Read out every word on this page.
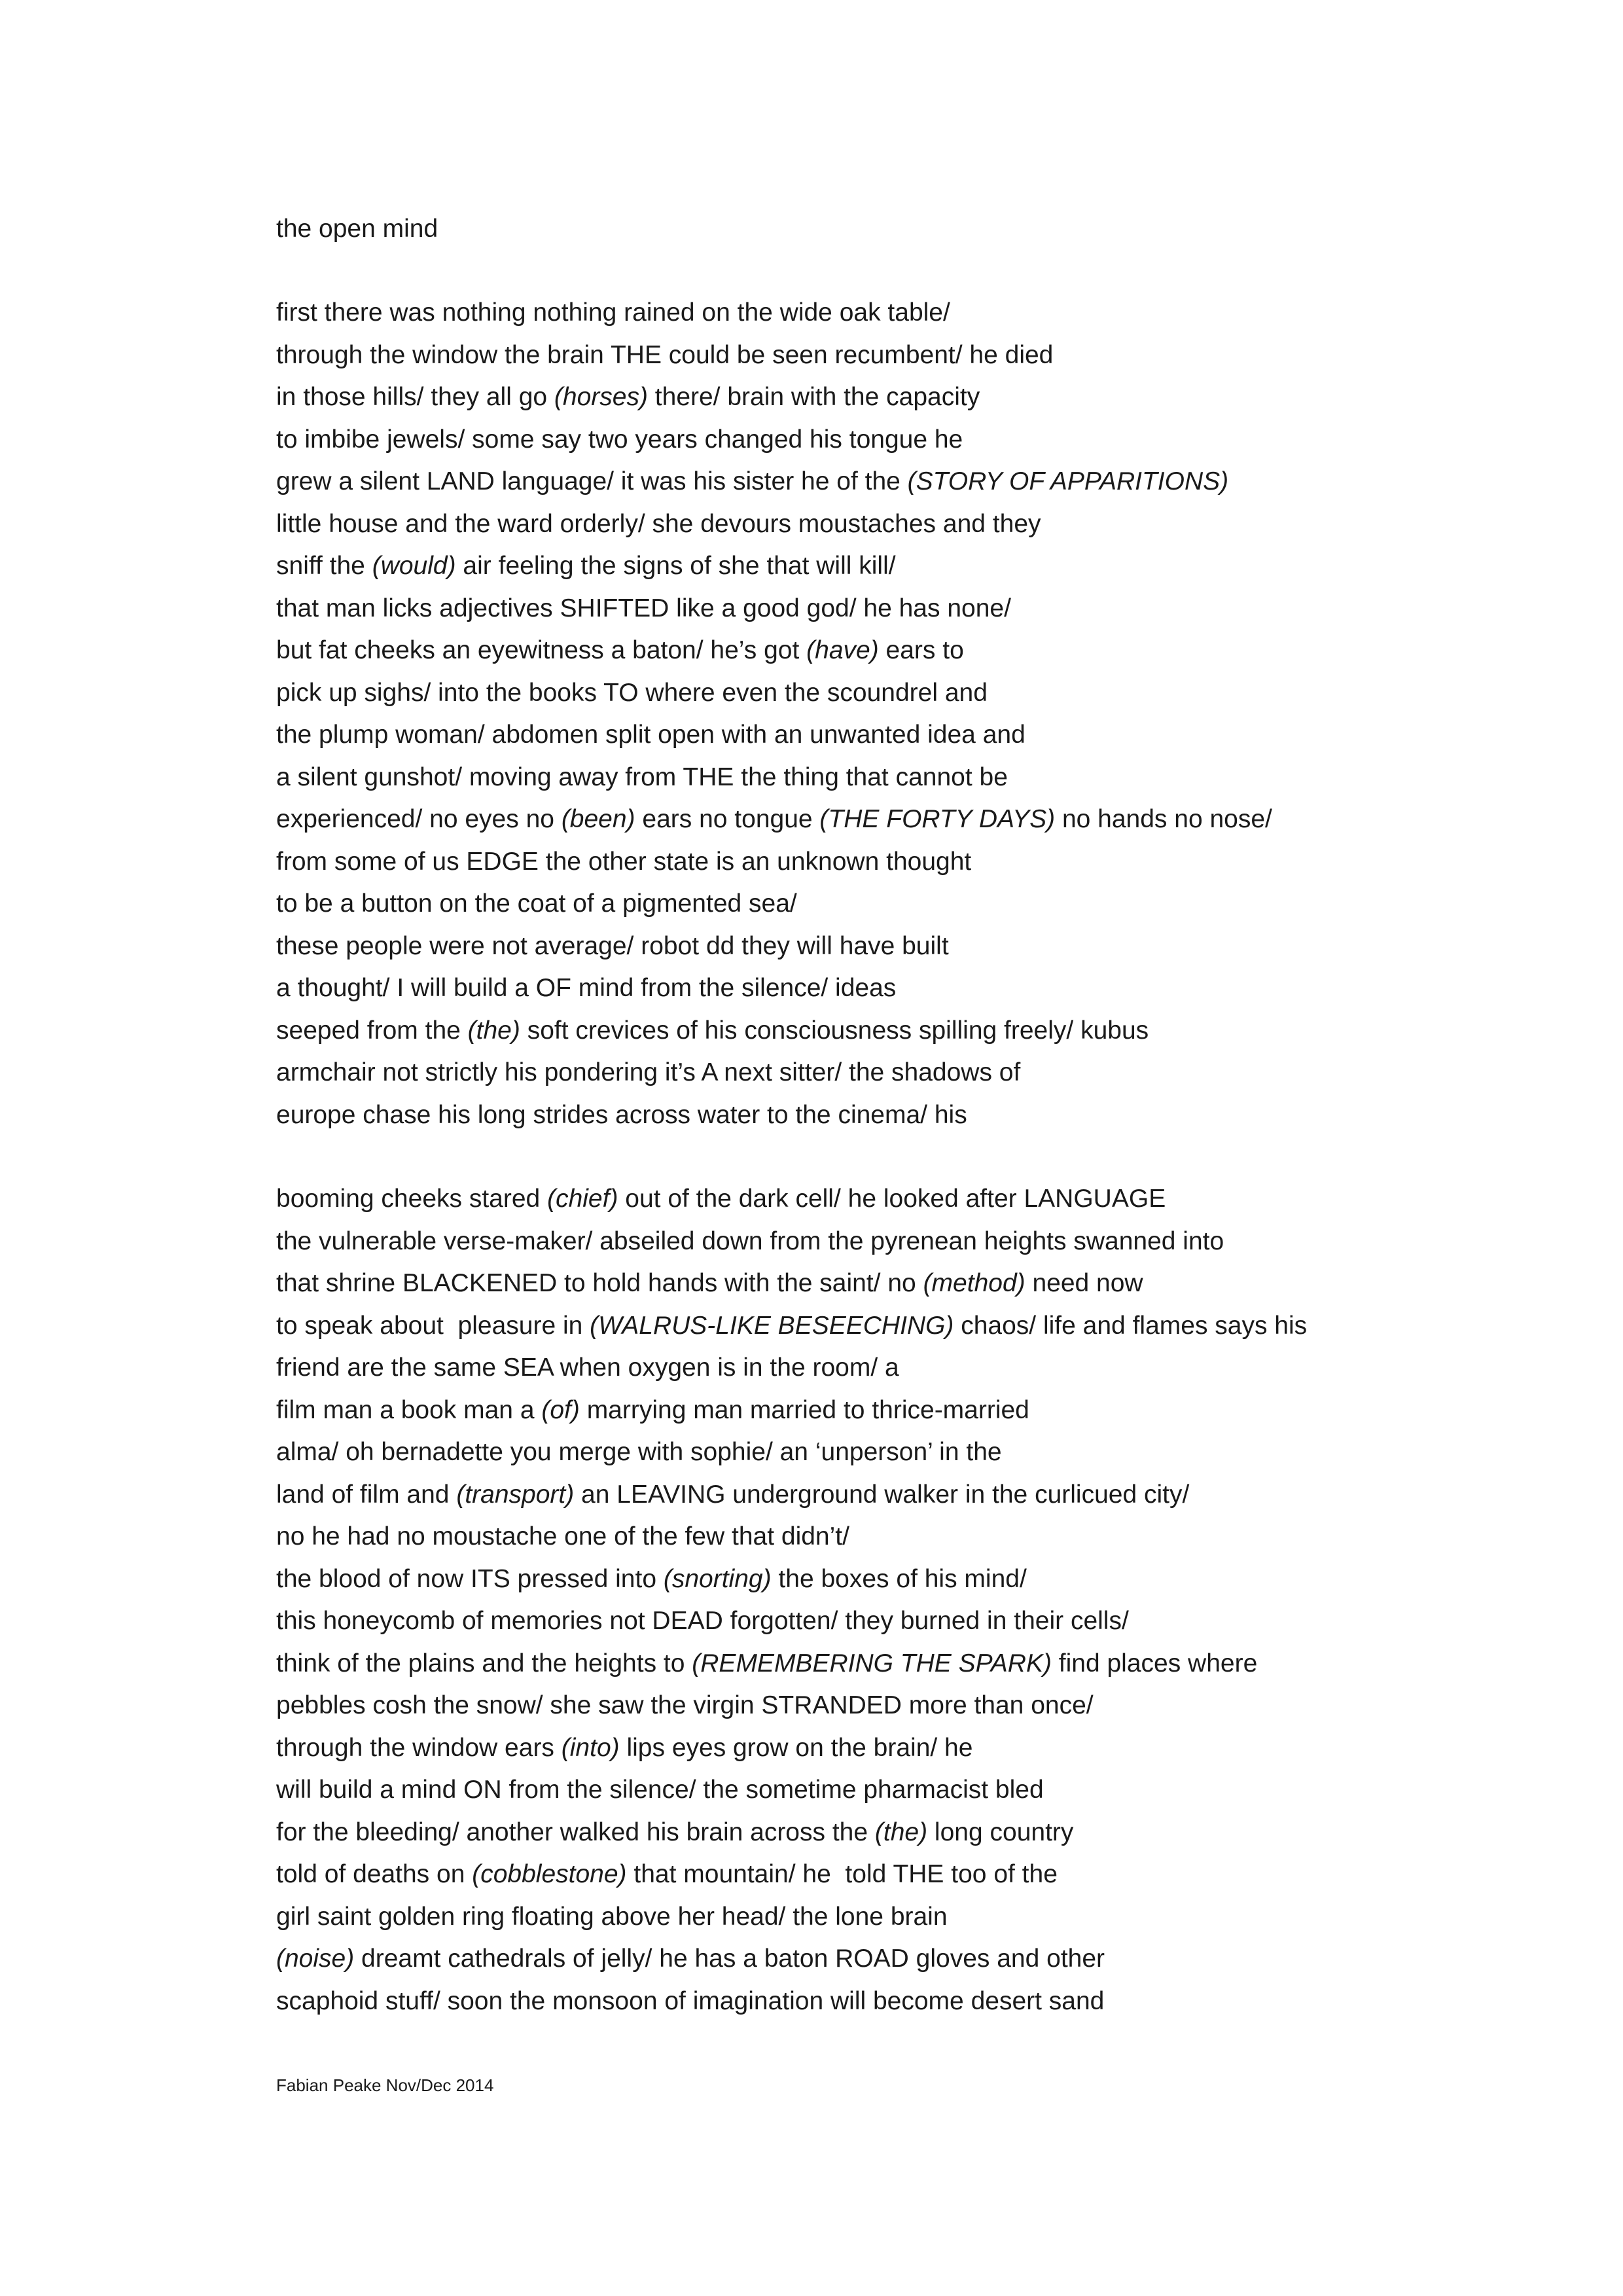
the open mind
first there was nothing nothing rained on the wide oak table/
through the window the brain THE could be seen recumbent/ he died
in those hills/ they all go (horses) there/ brain with the capacity
to imbibe jewels/ some say two years changed his tongue he
grew a silent LAND language/ it was his sister he of the (STORY OF APPARITIONS)
little house and the ward orderly/ she devours moustaches and they
sniff the (would) air feeling the signs of she that will kill/
that man licks adjectives SHIFTED like a good god/ he has none/
but fat cheeks an eyewitness a baton/ he’s got (have) ears to
pick up sighs/ into the books TO where even the scoundrel and
the plump woman/ abdomen split open with an unwanted idea and
a silent gunshot/ moving away from THE the thing that cannot be
experienced/ no eyes no (been) ears no tongue (THE FORTY DAYS) no hands no nose/
from some of us EDGE the other state is an unknown thought
to be a button on the coat of a pigmented sea/
these people were not average/ robot dd they will have built
a thought/ I will build a OF mind from the silence/ ideas
seeped from the (the) soft crevices of his consciousness spilling freely/ kubus
armchair not strictly his pondering it’s A next sitter/ the shadows of
europe chase his long strides across water to the cinema/ his
booming cheeks stared (chief) out of the dark cell/ he looked after LANGUAGE
the vulnerable verse-maker/ abseiled down from the pyrenean heights swanned into
that shrine BLACKENED to hold hands with the saint/ no (method) need now
to speak about  pleasure in (WALRUS-LIKE BESEECHING) chaos/ life and flames says his
friend are the same SEA when oxygen is in the room/ a
film man a book man a (of) marrying man married to thrice-married
alma/ oh bernadette you merge with sophie/ an ‘unperson’ in the
land of film and (transport) an LEAVING underground walker in the curlicued city/
no he had no moustache one of the few that didn’t/
the blood of now ITS pressed into (snorting) the boxes of his mind/
this honeycomb of memories not DEAD forgotten/ they burned in their cells/
think of the plains and the heights to (REMEMBERING THE SPARK) find places where
pebbles cosh the snow/ she saw the virgin STRANDED more than once/
through the window ears (into) lips eyes grow on the brain/ he
will build a mind ON from the silence/ the sometime pharmacist bled
for the bleeding/ another walked his brain across the (the) long country
told of deaths on (cobblestone) that mountain/ he  told THE too of the
girl saint golden ring floating above her head/ the lone brain
(noise) dreamt cathedrals of jelly/ he has a baton ROAD gloves and other
scaphoid stuff/ soon the monsoon of imagination will become desert sand
Fabian Peake Nov/Dec 2014
